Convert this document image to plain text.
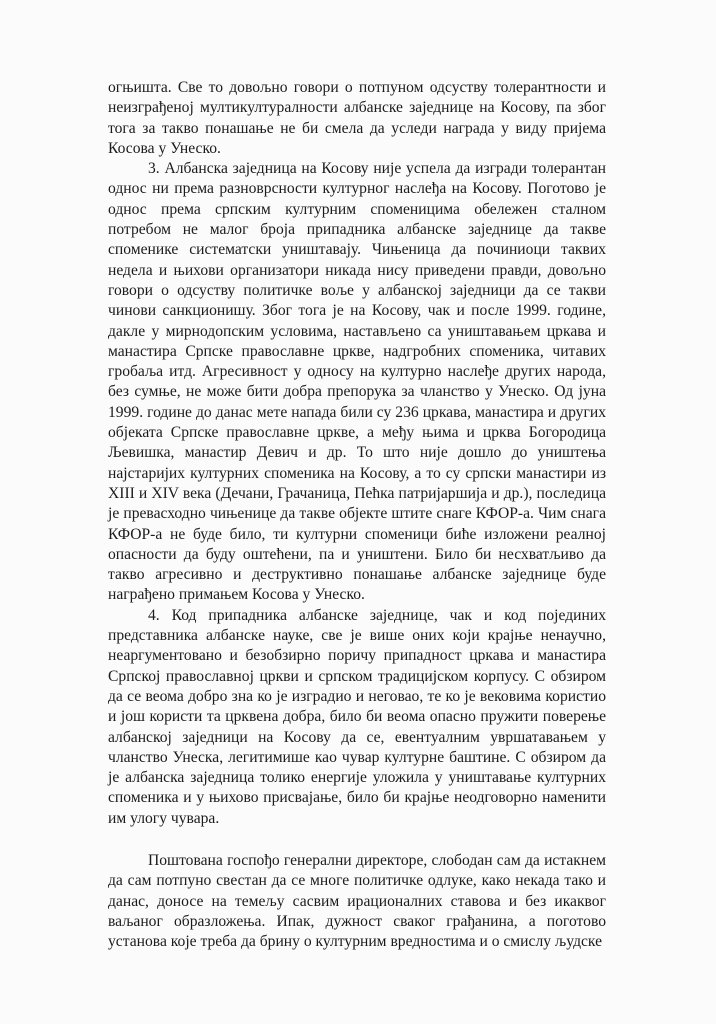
огњишта. Све то довољно говори о потпуном одсуству толерантности и неизграђеној мултикултуралности албанске заједнице на Косову, па због тога за такво понашање не би смела да уследи награда у виду пријема Косова у Унеско.

3. Албанска заједница на Косову није успела да изгради толерантан однос ни према разноврсности културног наслеђа на Косову. Поготово је однос према српским културним споменицима обележен сталном потребом не малог броја припадника албанске заједнице да такве споменике систематски уништавају. Чињеница да починиоци таквих недела и њихови организатори никада нису приведени правди, довољно говори о одсуству политичке воље у албанској заједници да се такви чинови санкционишу. Због тога је на Косову, чак и после 1999. године, дакле у мирнодопским условима, настављено са уништавањем цркава и манастира Српске православне цркве, надгробних споменика, читавих гробаља итд. Агресивност у односу на културно наслеђе других народа, без сумње, не може бити добра препорука за чланство у Унеско. Од јуна 1999. године до данас мете напада били су 236 цркава, манастира и других објеката Српске православне цркве, а међу њима и црква Богородица Љевишка, манастир Девич и др. То што није дошло до уништења најстаријих културних споменика на Косову, а то су српски манастири из XIII и XIV века (Дечани, Грачаница, Пећка патријаршија и др.), последица је превасходно чињенице да такве објекте штите снаге КФОР-а. Чим снага КФОР-а не буде било, ти културни споменици биће изложени реалној опасности да буду оштећени, па и уништени. Било би несхватљиво да такво агресивно и деструктивно понашање албанске заједнице буде награђено примањем Косова у Унеско.

4. Код припадника албанске заједнице, чак и код појединих представника албанске науке, све је више оних који крајње ненаучно, неаргументовано и безобзирно поричу припадност цркава и манастира Српској православној цркви и српском традицијском корпусу. С обзиром да се веома добро зна ко је изградио и неговао, те ко је вековима користио и још користи та црквена добра, било би веома опасно пружити поверење албанској заједници на Косову да се, евентуалним увршатавањем у чланство Унеска, легитимише као чувар културне баштине. С обзиром да је албанска заједница толико енергије уложила у уништавање културних споменика и у њихово присвајање, било би крајње неодговорно наменити им улогу чувара.

Поштована госпођо генерални директоре, слободан сам да истакнем да сам потпуно свестан да се многе политичке одлуке, како некада тако и данас, доносе на темељу сасвим ирационалних ставова и без икаквог ваљаног образложења. Ипак, дужност сваког грађанина, а поготово установа које треба да брину о културним вредностима и о смислу људске
